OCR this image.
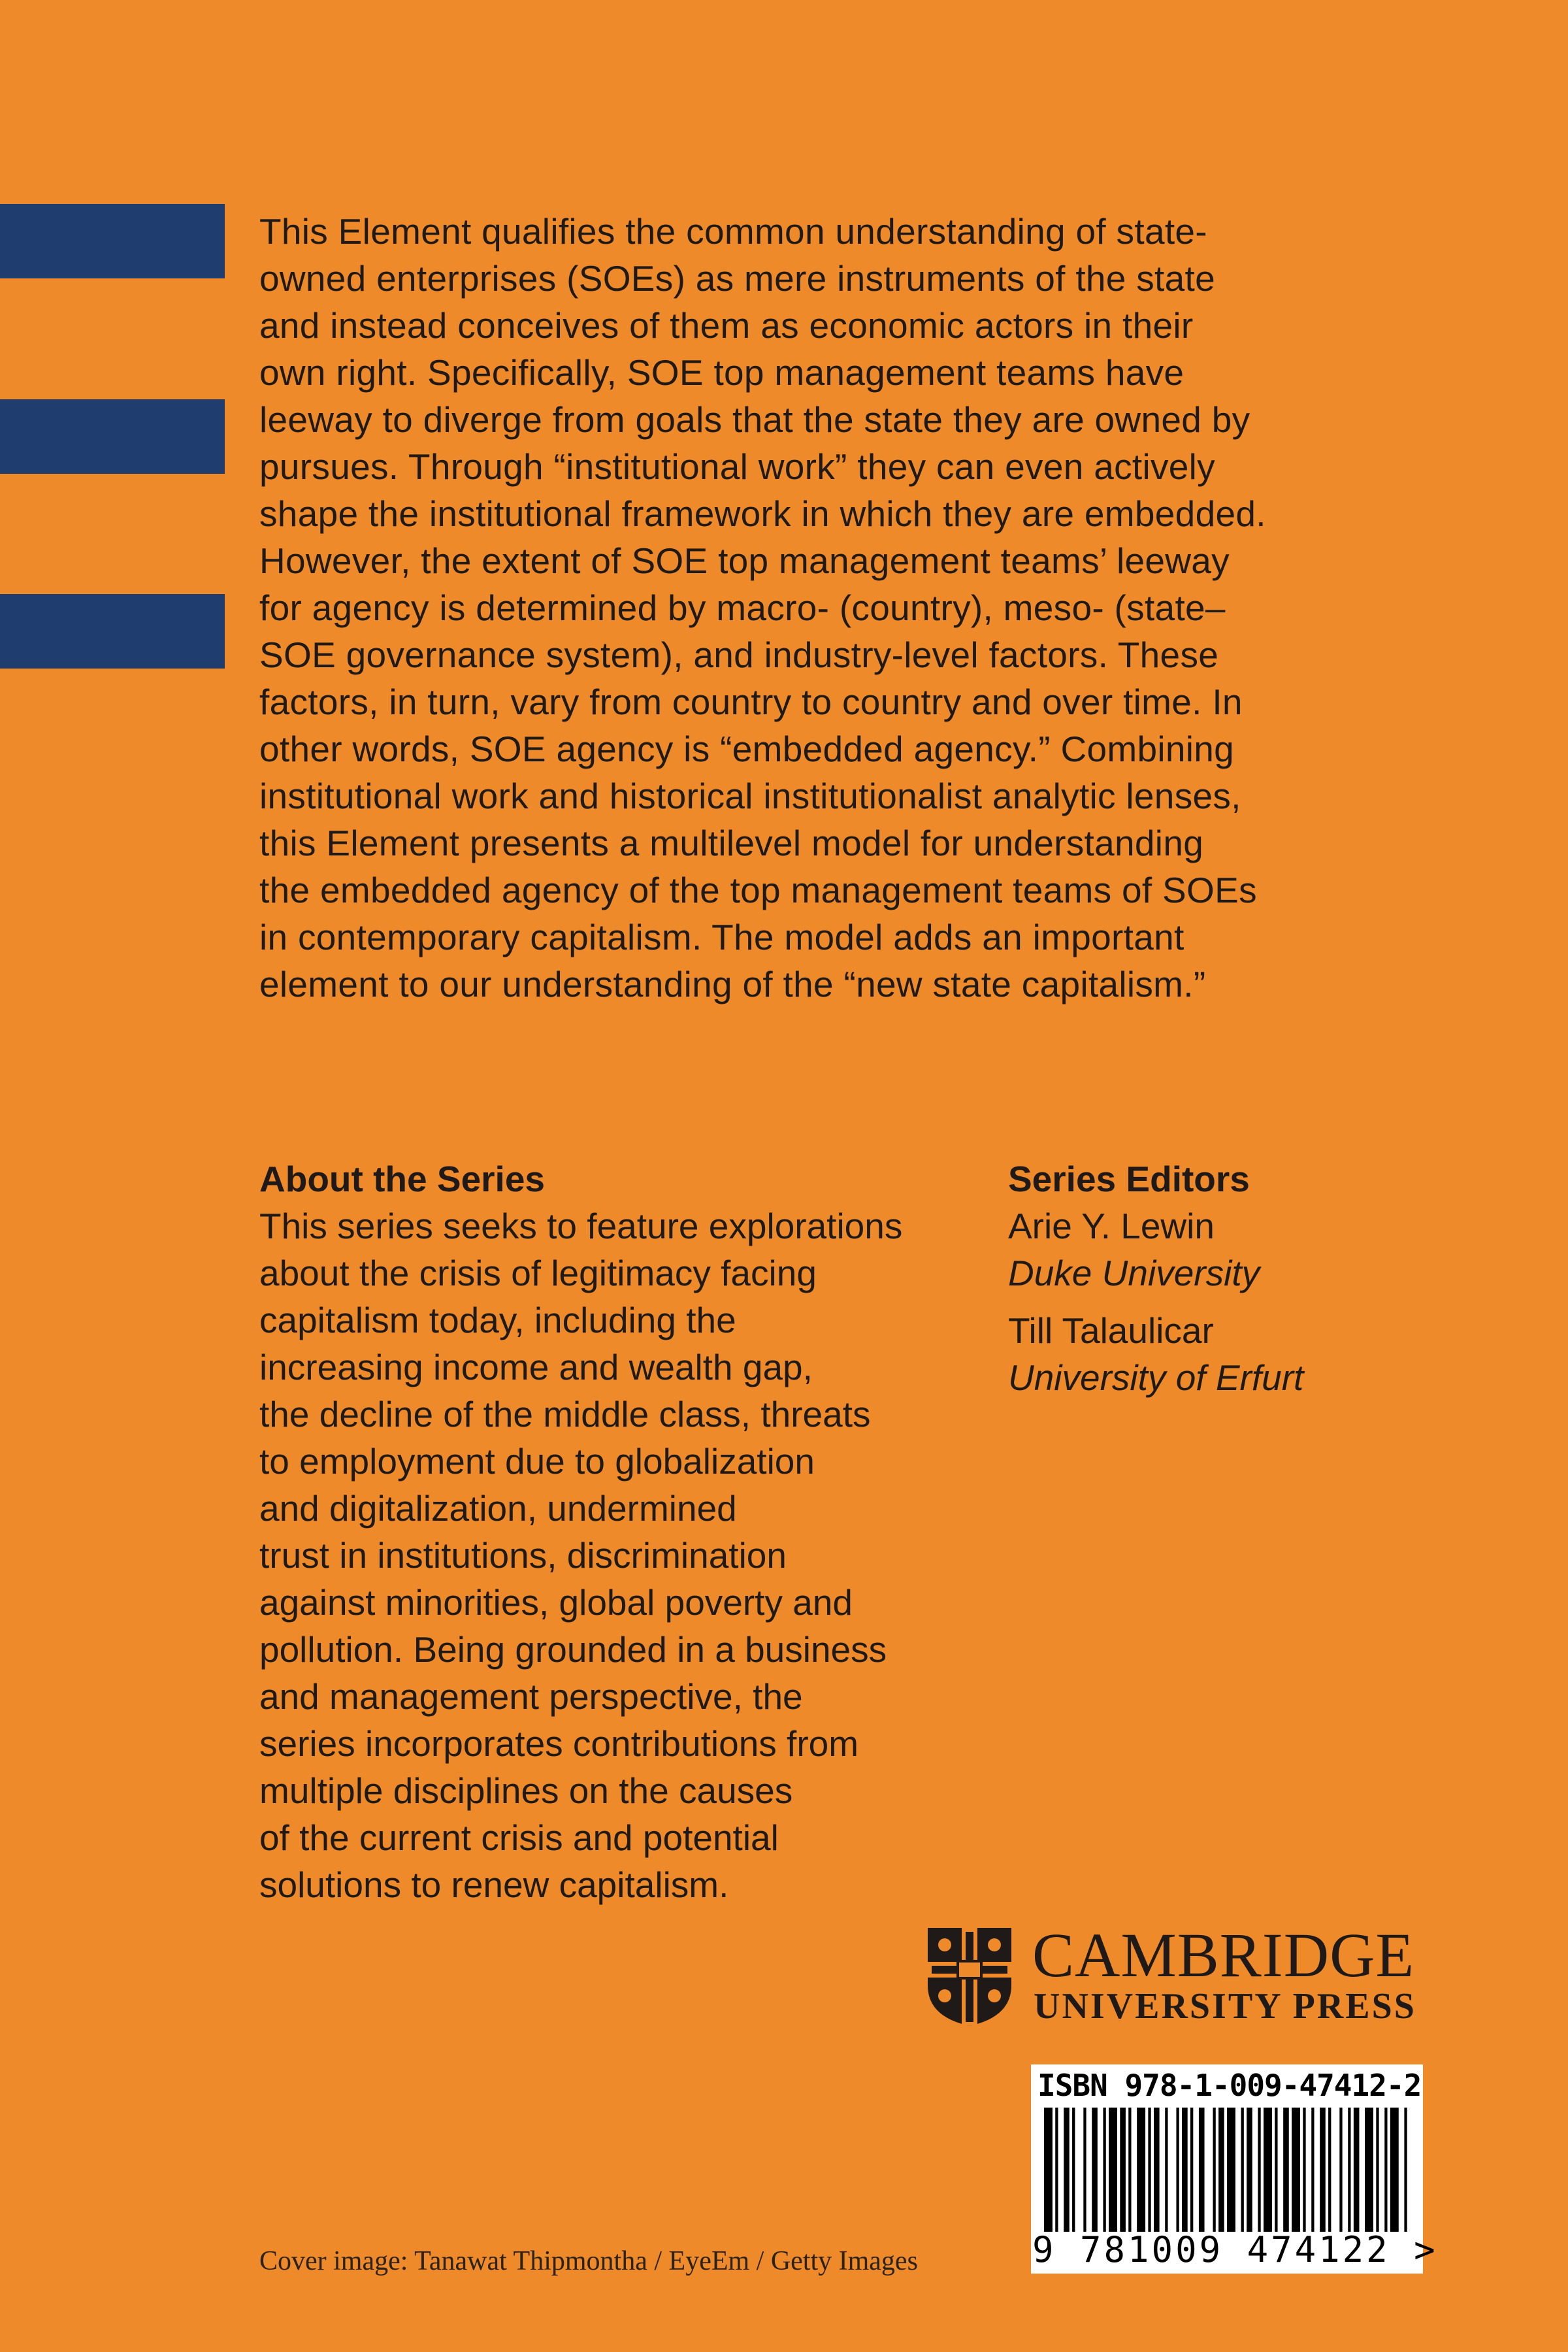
This Element qualifies the common understanding of state-
owned enterprises (SOEs) as mere instruments of the state
and instead conceives of them as economic actors in their
own right. Specifically, SOE top management teams have
leeway to diverge from goals that the state they are owned by
pursues. Through “institutional work” they can even actively
shape the institutional framework in which they are embedded.
However, the extent of SOE top management teams’ leeway
for agency is determined by macro- (country), meso- (state–
SOE governance system), and industry-level factors. These
factors, in turn, vary from country to country and over time. In
other words, SOE agency is “embedded agency.” Combining
institutional work and historical institutionalist analytic lenses,
this Element presents a multilevel model for understanding
the embedded agency of the top management teams of SOEs
in contemporary capitalism. The model adds an important
element to our understanding of the “new state capitalism.”

About the Series

This series seeks to feature explorations
about the crisis of legitimacy facing
capitalism today, including the
increasing income and wealth gap,
the decline of the middle class, threats
to employment due to globalization
and digitalization, undermined
trust in institutions, discrimination
against minorities, global poverty and
pollution. Being grounded in a business
and management perspective, the
series incorporates contributions from
multiple disciplines on the causes
of the current crisis and potential
solutions to renew capitalism.

Series Editors
Arie Y. Lewin
Duke University
Till Talaulicar
University of Erfurt

CAMBRIDGE

UNIVERSITY PRESS

ISBN 978-1-009-47412-2

9 781009 474122 >

Cover image: Tanawat Thipmontha / EyeEm / Getty Images
